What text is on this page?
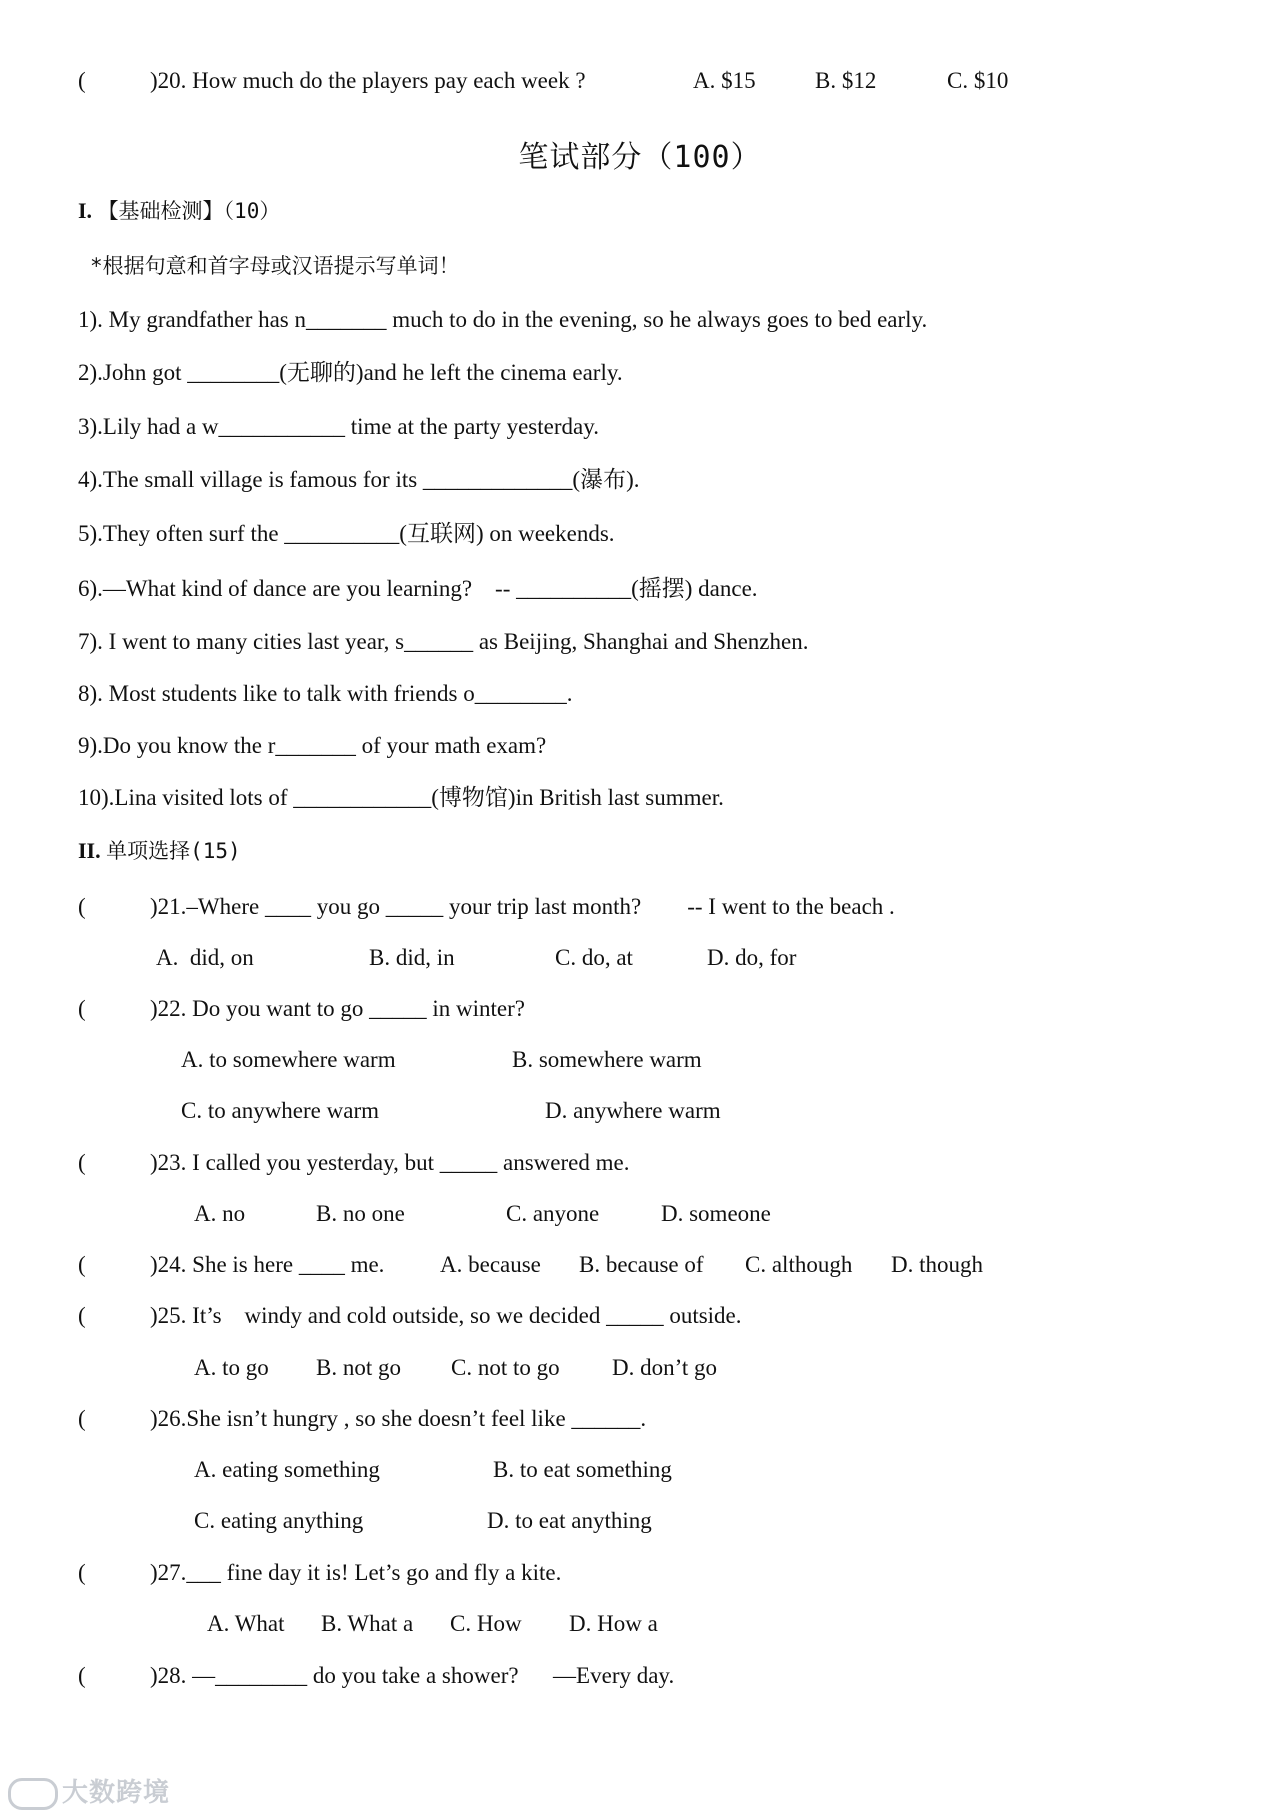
(	)20. How much do the players pay each week ?	A. $15	B. $12	C. $10
笔试部分（100）
I. 【基础检测】（10）
*根据句意和首字母或汉语提示写单词！
1). My grandfather has n_______ much to do in the evening, so he always goes to bed early.
2).John got ________(无聊的)and he left the cinema early.
3).Lily had a w___________ time at the party yesterday.
4).The small village is famous for its _____________(瀑布).
5).They often surf the __________(互联网) on weekends.
6).—What kind of dance are you learning?    -- __________(摇摆) dance.
7). I went to many cities last year, s______ as Beijing, Shanghai and Shenzhen.
8). Most students like to talk with friends o________.
9).Do you know the r_______ of your math exam?
10).Lina visited lots of ____________(博物馆)in British last summer.
II. 单项选择(15)
(	)21.–Where ____ you go _____ your trip last month?        -- I went to the beach .
A.  did, on	B. did, in	C. do, at	D. do, for
(	)22. Do you want to go _____ in winter?
A. to somewhere warm	B. somewhere warm
C. to anywhere warm	D. anywhere warm
(	)23. I called you yesterday, but _____ answered me.
A. no	B. no one	C. anyone	D. someone
(	)24. She is here ____ me. A. because B. because of C. although D. though
(	)25. It’s    windy and cold outside, so we decided _____ outside.
A. to go B. not go C. not to go D. don’t go
(	)26.She isn’t hungry , so she doesn’t feel like ______.
A. eating something	B. to eat something
C. eating anything	D. to eat anything
(	)27.___ fine day it is! Let’s go and fly a kite.
A. What B. What a C. How D. How a
(	)28. —________ do you take a shower?      —Every day.
大数跨境
